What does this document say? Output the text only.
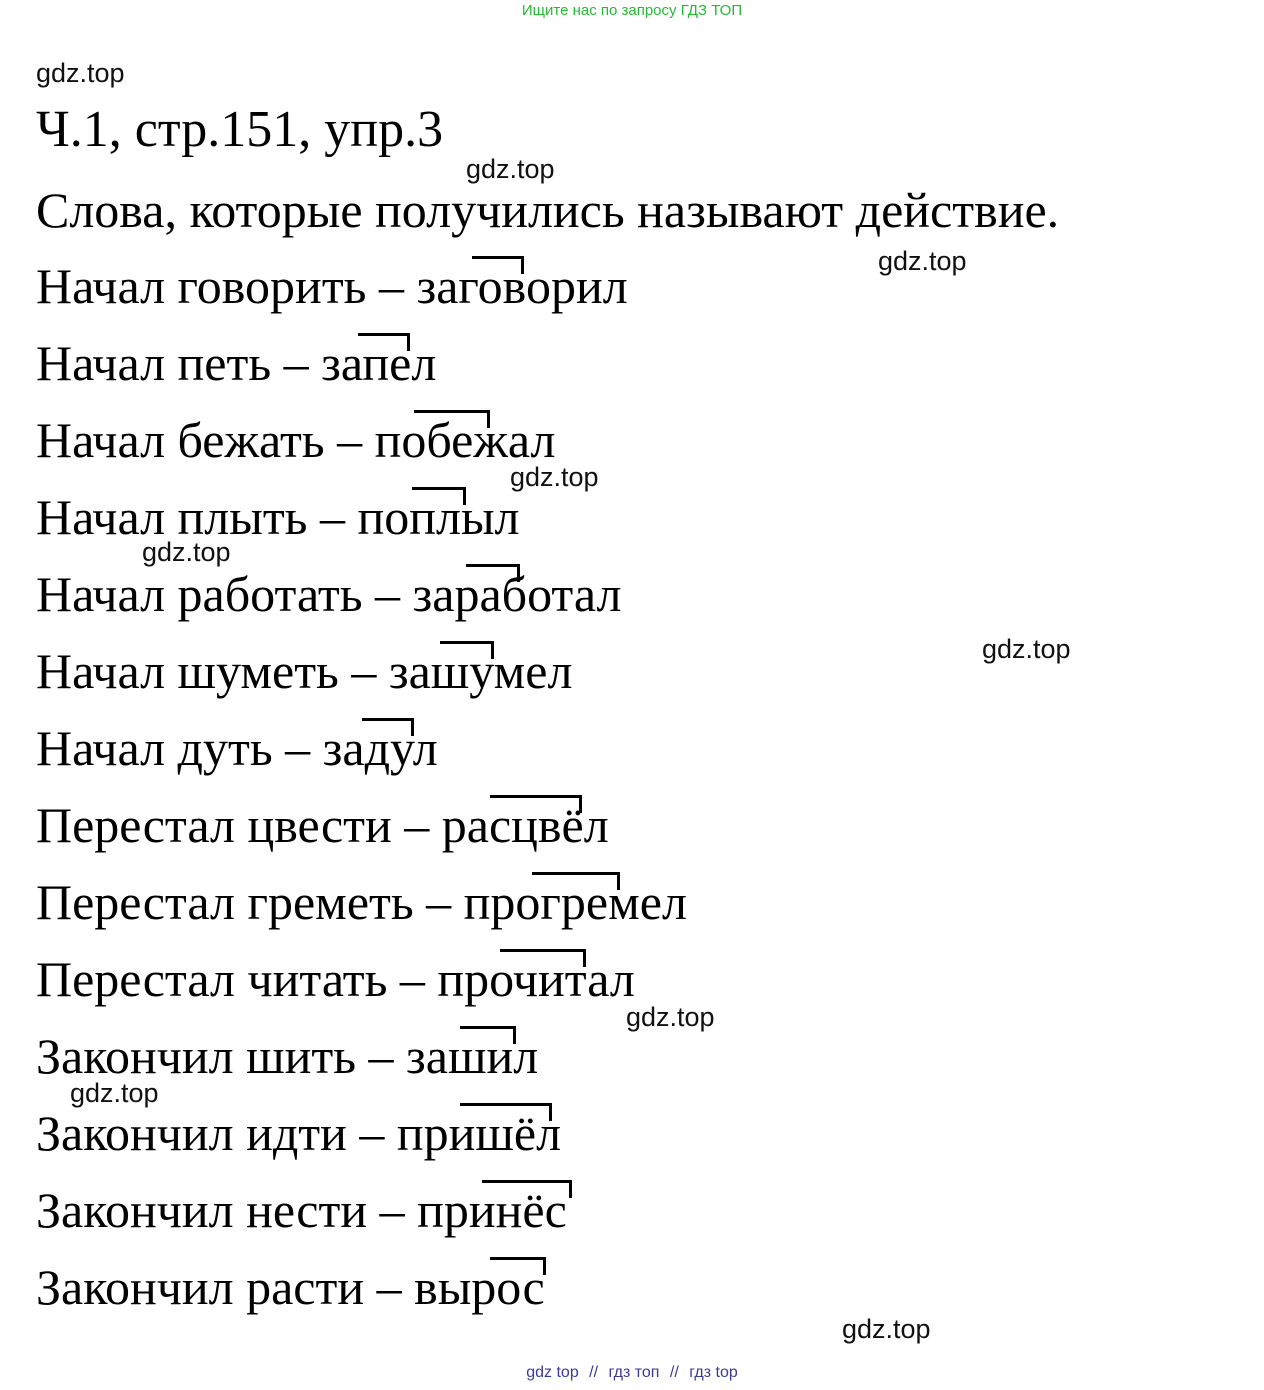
Ищите нас по запросу ГДЗ ТОП
gdz.top
gdz.top
gdz.top
gdz.top
gdz.top
gdz.top
gdz.top
gdz.top
gdz.top
Ч.1, стр.151, упр.3
Слова, которые получились называют действие.
Начал говорить – заговорил
Начал петь – запел
Начал бежать – побежал
Начал плыть – поплыл
Начал работать – заработал
Начал шуметь – зашумел
Начал дуть – задул
Перестал цвести – расцвёл
Перестал греметь – прогремел
Перестал читать – прочитал
Закончил шить – зашил
Закончил идти – пришёл
Закончил нести – принёс
Закончил расти – вырос
gdz top // гдз топ // гдз top
